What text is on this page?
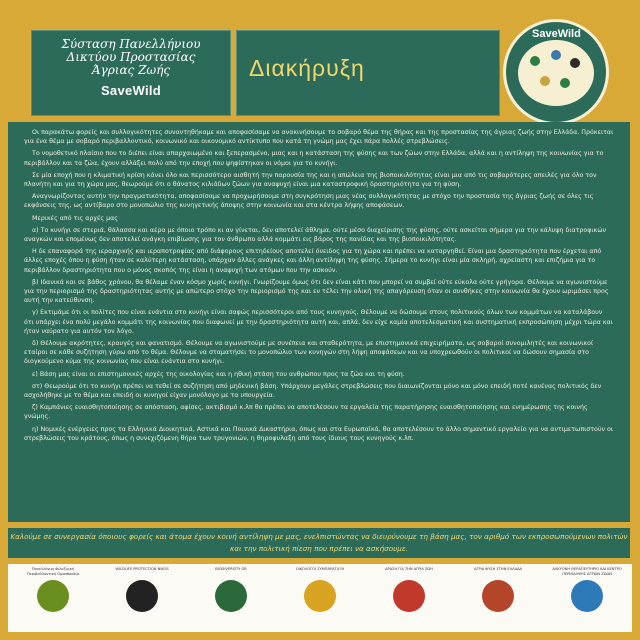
Σύσταση Πανελλήνιου
Δικτύου Προστασίας
Άγριας Ζωής
SaveWild
Διακήρυξη
SaveWild

Οι παρακάτω φορείς και συλλογικότητες συναντηθήκαμε και αποφασίσαμε να ανακινήσουμε το σοβαρό θέμα της θήρας και της προστασίας της άγριας ζωής στην Ελλάδα. Πρόκειται για ένα θέμα με σοβαρό περιβαλλοντικό, κοινωνικό και οικονομικό αντίκτυπο που κατά τη γνώμη μας έχει πάρα πολλές στρεβλώσεις.

Το νομοθετικό πλαίσιο που το διέπει είναι απαρχαιωμένο και ξεπερασμένο, μιας και η κατάσταση της φύσης και των ζώων στην Ελλάδα, αλλά και η αντίληψη της κοινωνίας για το περιβάλλον και τα ζώα, έχουν αλλάξει πολύ από την εποχή που ψηφίστηκαν οι νόμοι για το κυνήγι.

Σε μία εποχή που η κλιματική κρίση κάνει όλο και περισσότερο αισθητή την παρουσία της και η απώλεια της βιοποικιλότητας είναι μια από τις σοβαρότερες απειλές για όλο τον πλανήτη και για τη χώρα μας, θεωρούμε ότι ο θάνατος κιλιάδων ζώων για αναψυχή είναι μια καταστροφική δραστηριότητα για τη φύση.

Αναγνωρίζοντας αυτήν την πραγματικότητα, αποφασίσαμε να προχωρήσουμε στη συγκρότηση μιας νέας συλλογικότητας με στόχο την προστασία της άγριας ζωής σε όλες τις εκφάνσεις της, ως αντίβαρο στο μονοπώλιο της κυνηγετικής άποψης στην κοινωνία και στα κέντρα λήψης αποφάσεων.

Μερικές από τις αρχές μας

α) Το κυνήγι σε στεριά, θάλασσα και αέρα με όποιο τρόπο κι αν γίνεται, δεν αποτελεί άθλημα, ούτε μέσο διαχείρισης της φύσης, ούτε ασκείται σήμερα για την κάλυψη διατροφικών αναγκών και επομένως δεν αποτελεί ανάγκη επιβίωσης για τον άνθρωπο αλλά κομμάτι εις βάρος της πανίδας και της βιοποικιλότητας.

Η δε επαναφορά της ιεραρχικής και ιεραποτροφίας από διάφορους επιτηδείους αποτελεί όνειδος για τη χώρα και πρέπει να καταργηθεί. Είναι μια δραστηριότητα που έρχεται από άλλες εποχές όπου η φύση ήταν σε καλύτερη κατάσταση, υπάρχαν άλλες ανάγκες και άλλη αντίληψη της φύσης. Σήμερα το κυνήγι είναι μία σκληρή, αχρείαστη και επιζήμια για το περιβάλλον δραστηριότητα που ο μόνος σκοπός της είναι η αναψυχή των ατόμων που την ασκούν.

β) Ιδανικά και σε βάθος χρόνου, θα θέλαμε έναν κόσμο χωρίς κυνήγι. Γνωρίζουμε όμως ότι δεν είναι κάτι που μπορεί να συμβεί ούτε εύκολα ούτε γρήγορα. Θέλουμε να αγωνιστούμε για την περιορισμό της δραστηριότητας αυτής με απώτερο στόχο την περιορισμό της και εν τέλει την ολική της απαγόρευση όταν οι συνθήκες στην κοινωνία θα έχουν ωριμάσει προς αυτή την κατεύθυνση.

γ) Εκτιμάμε ότι οι πολίτες που είναι ενάντια στο κυνήγι είναι σαφώς περισσότεροι από τους κυνηγούς. Θέλουμε να δώσουμε στους πολιτικούς όλων των κομμάτων να καταλάβουν ότι υπάρχει ένα πολύ μεγάλο κομμάτι της κοινωνίας που διαφωνεί με την δραστηριότητα αυτή και, απλά, δεν είχε καμία αποτελεσματική και συστηματική εκπροσώπηση μέχρι τώρα και ήταν ναύρατο για αυτόν τον λόγο.

δ) Θέλουμε ακρότητες, κραυγές και φανατισμό. Θέλουμε να αγωνιστούμε με συνέπεια και σταθερότητα, με επιστημονικά επιχειρήματα, ως σοβαροί συνομιλητές και κοινωνικοί εταίροι σε κάθε συζήτηση γύρω από το θέμα. Θέλουμε να σταματήσει το μονοπώλιο των κυνηγών στη λήψη αποφάσεων και να υποχρεωθούν οι πολιτικοί να δώσουν σημασία στο διογκούμενο κύμα της κοινωνίας που είναι ενάντια στο κυνήγι.

ε) Βάση μας είναι οι επιστημονικές αρχές της οικολογίας και η ηθική στάση του ανθρώπου προς τα ζώα και τη φύση.

στ) Θεωρούμε ότι το κυνήγι πρέπει να τεθεί σε συζήτηση από μηδενική βάση. Υπάρχουν μεγάλες στρεβλώσεις που διαιωνίζονται μόνο και μόνο επειδή ποτέ κανένας πολιτικός δεν ασχολήθηκε με το θέμα και επειδή οι κυνηγοί είχαν μονόλογο με τα υπουργεία.

ζ) Καμπάνιες ευαισθητοποίησης σε απόσταση, αφίσες, ακτιβισμό κ.λπ θα πρέπει να αποτελέσουν τα εργαλεία της παρατήρησης ευαισθητοποίησης και ενημέρωσης της κοινής γνώμης.

η) Νομικές ενέργειες προς τα Ελληνικά Διοικητικά, Αστικά και Ποινικά Δικαστήρια, όπως και στα Ευρωπαϊκά, θα αποτελέσουν το άλλο σημαντικό εργαλείο για να αντιμετωπιστούν οι στρεβλώσεις του κράτους, όπως η συνεχιζόμενη θήρα των τρυγονιών, η θηροφυλαξη από τους ίδιους τους κυνηγούς κ.λπ.

Καλούμε σε συνεργασία όποιους φορείς και άτομα έχουν κοινή αντίληψη με μας, ενελπιστώντας να διευρύνουμε τη βάση μας, τον αριθμό των εκπροσωπούμενων πολιτών και την πολιτική πίεση που πρέπει να ασκήσουμε.
Πανελλήνιοι Φιλοζωική Περιβαλλοντική Ομοσπονδία
WILDLIFE PROTECTION NIKOS	BIODIVERSITY GR	ΟΙΚΟΛΟΓΟΙ ΣΥΜΠΑΡΑΤΑΞΗ	ΔΡΑΣΗ ΓΙΑ ΤΗΝ ΑΓΡΙΑ ΖΩΗ	ΑΓΡΙΑ ΦΥΣΗ ΣΤΗΝ ΕΛΛΑΔΑ	ΑΛΚΥΟΝΗ ΘΕΡΑΠΕΥΤΗΡΙΟ ΚΑΙ ΚΕΝΤΡΟ ΠΕΡΙΘΑΛΨΗΣ ΑΓΡΙΩΝ ΖΩΩΝ
